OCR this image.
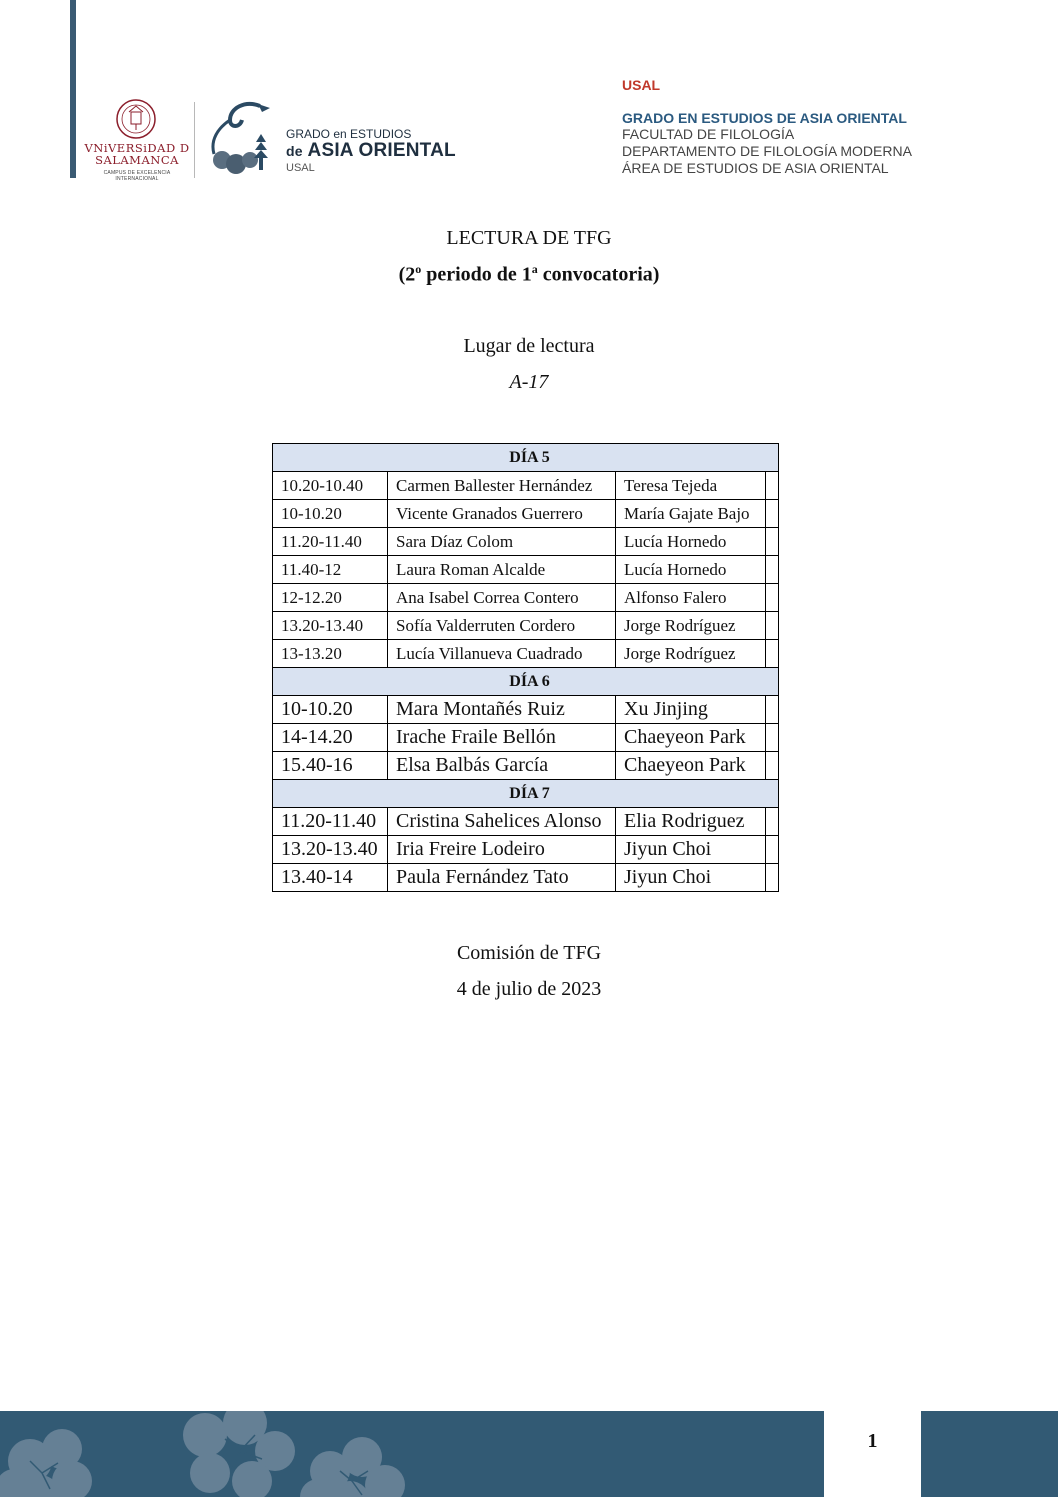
VNiVERSiDAD D SALAMANCA
CAMPUS DE EXCELENCIA INTERNACIONAL
GRADO en ESTUDIOS
de ASIA ORIENTAL
USAL
USAL
GRADO EN ESTUDIOS DE ASIA ORIENTAL
FACULTAD DE FILOLOGÍA
DEPARTAMENTO DE FILOLOGÍA MODERNA
ÁREA DE ESTUDIOS DE ASIA ORIENTAL
LECTURA DE TFG
(2$^o$ periodo de 1$^a$ convocatoria)
Lugar de lectura
A-17
DÍA 5			
10.20-10.40	Carmen Ballester Hernández	Teresa Tejeda	
10-10.20	Vicente Granados Guerrero	María Gajate Bajo	
11.20-11.40	Sara Díaz Colom	Lucía Hornedo	
11.40-12	Laura Roman Alcalde	Lucía Hornedo	
12-12.20	Ana Isabel Correa Contero	Alfonso Falero	
13.20-13.40	Sofía Valderruten Cordero	Jorge Rodríguez	
13-13.20	Lucía Villanueva Cuadrado	Jorge Rodríguez	
DÍA 6			
10-10.20	Mara Montañés Ruiz	Xu Jinjing	
14-14.20	Irache Fraile Bellón	Chaeyeon Park	
15.40-16	Elsa Balbás García	Chaeyeon Park	
DÍA 7			
11.20-11.40	Cristina Sahelices Alonso	Elia Rodriguez	
13.20-13.40	Iria Freire Lodeiro	Jiyun Choi	
13.40-14	Paula Fernández Tato	Jiyun Choi	
Comisión de TFG
4 de julio de 2023
1
